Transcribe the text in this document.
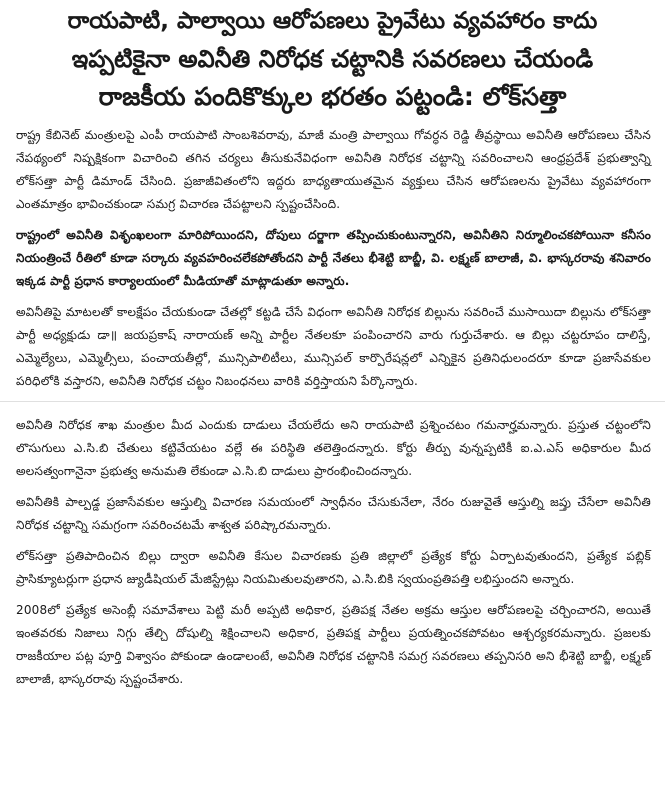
రాయపాటి, పాల్వాయి ఆరోపణలు ప్రైవేటు వ్యవహారం కాదు

ఇప్పటికైనా అవినీతి నిరోధక చట్టానికి సవరణలు చేయండి

రాజకీయ పందికొక్కుల భరతం పట్టండి: లోక్‌సత్తా

రాష్ట్ర కేబినెట్ మంత్రులపై ఎంపీ రాయపాటి సాంబశివరావు, మాజీ మంత్రి పాల్వాయి గోవర్ధన రెడ్డి తీవ్రస్థాయి అవినీతి ఆరోపణలు చేసిన నేపథ్యంలో నిష్పక్షికంగా విచారించి తగిన చర్యలు తీసుకునేవిధంగా అవినీతి నిరోధక చట్టాన్ని సవరించాలని ఆంధ్రప్రదేశ్ ప్రభుత్వాన్ని లోక్‌సత్తా పార్టీ డిమాండ్ చేసింది. ప్రజాజీవితంలోని ఇద్దరు బాధ్యతాయుతమైన వ్యక్తులు చేసిన ఆరోపణలను ప్రైవేటు వ్యవహారంగా ఎంతమాత్రం భావించకుండా సమగ్ర విచారణ చేపట్టాలని స్పష్టంచేసింది.

రాష్ట్రంలో అవినీతి విశృంఖలంగా మారిపోయిందని, దోపులు దర్జాగా తప్పించుకుంటున్నారని, అవినీతిని నిర్మూలించకపోయినా కనీసం నియంత్రించే రీతిలో కూడా సర్కారు వ్యవహరించలేకపోతోందని పార్టీ నేతలు భీశెట్టి బాబ్జీ, వి. లక్ష్మణ్ బాలాజీ, వి. భాస్కరరావు శనివారం ఇక్కడ పార్టీ ప్రధాన కార్యాలయంలో మీడియాతో మాట్లాడుతూ అన్నారు.

అవినీతిపై మాటలతో కాలక్షేపం చేయకుండా చేతల్లో కట్టడి చేసే విధంగా అవినీతి నిరోధక బిల్లును సవరించే ముసాయిదా బిల్లును లోక్‌సత్తా పార్టీ అధ్యక్షుడు డా॥ జయప్రకాష్ నారాయణ్ అన్ని పార్టీల నేతలకూ పంపించారని వారు గుర్తుచేశారు. ఆ బిల్లు చట్టరూపం దాలిస్తే, ఎమ్మెల్యేలు, ఎమ్మెల్సీలు, పంచాయతీల్లో, మున్సిపాలిటీలు, మున్సిపల్ కార్పొరేషన్లలో ఎన్నికైన ప్రతినిధులందరూ కూడా ప్రజాసేవకుల పరిధిలోకి వస్తారని, అవినీతి నిరోధక చట్టం నిబంధనలు వారికి వర్తిస్తాయని పేర్కొన్నారు.

అవినీతి నిరోధక శాఖ మంత్రుల మీద ఎందుకు దాడులు చేయలేదు అని రాయపాటి ప్రశ్నించటం గమనార్హమన్నారు. ప్రస్తుత చట్టంలోని లొసుగులు ఎ.సి.బి చేతులు కట్టివేయటం వల్లే ఈ పరిస్థితి తలెత్తిందన్నారు. కోర్టు తీర్పు వున్నప్పటికీ ఐ.ఎ.ఎస్ అధికారుల మీద అలసత్వంగానైనా ప్రభుత్వ అనుమతి లేకుండా ఎ.సి.బి దాడులు ప్రారంభించిందన్నారు.

అవినీతికి పాల్పడ్డ ప్రజాసేవకుల ఆస్తుల్ని విచారణ సమయంలో స్వాధీనం చేసుకునేలా, నేరం రుజువైతే ఆస్తుల్ని జప్తు చేసేలా అవినీతి నిరోధక చట్టాన్ని సమగ్రంగా సవరించటమే శాశ్వత పరిష్కారమన్నారు.

లోక్‌సత్తా ప్రతిపాదించిన బిల్లు ద్వారా అవినీతి కేసుల విచారణకు ప్రతి జిల్లాలో ప్రత్యేక కోర్టు ఏర్పాటవుతుందని, ప్రత్యేక పబ్లిక్ ప్రాసిక్యూటర్లుగా ప్రధాన జ్యుడీషియల్ మేజిస్ట్రేట్లు నియమితులవుతారని, ఎ.సి.బికి స్వయంప్రతిపత్తి లభిస్తుందని అన్నారు.

2008లో ప్రత్యేక అసెంబ్లీ సమావేశాలు పెట్టి మరీ అప్పటి అధికార, ప్రతిపక్ష నేతల అక్రమ ఆస్తుల ఆరోపణలపై చర్చించారని, అయితే ఇంతవరకు నిజాలు నిగ్గు తేల్చి దోషుల్ని శిక్షించాలని అధికార, ప్రతిపక్ష పార్టీలు ప్రయత్నించకపోవటం ఆశ్చర్యకరమన్నారు. ప్రజలకు రాజకీయాల పట్ల పూర్తి విశ్వాసం పోకుండా ఉండాలంటే, అవినీతి నిరోధక చట్టానికి సమగ్ర సవరణలు తప్పనిసరి అని భీశెట్టి బాబ్జీ, లక్ష్మణ్ బాలాజీ, భాస్కరరావు స్పష్టంచేశారు.
